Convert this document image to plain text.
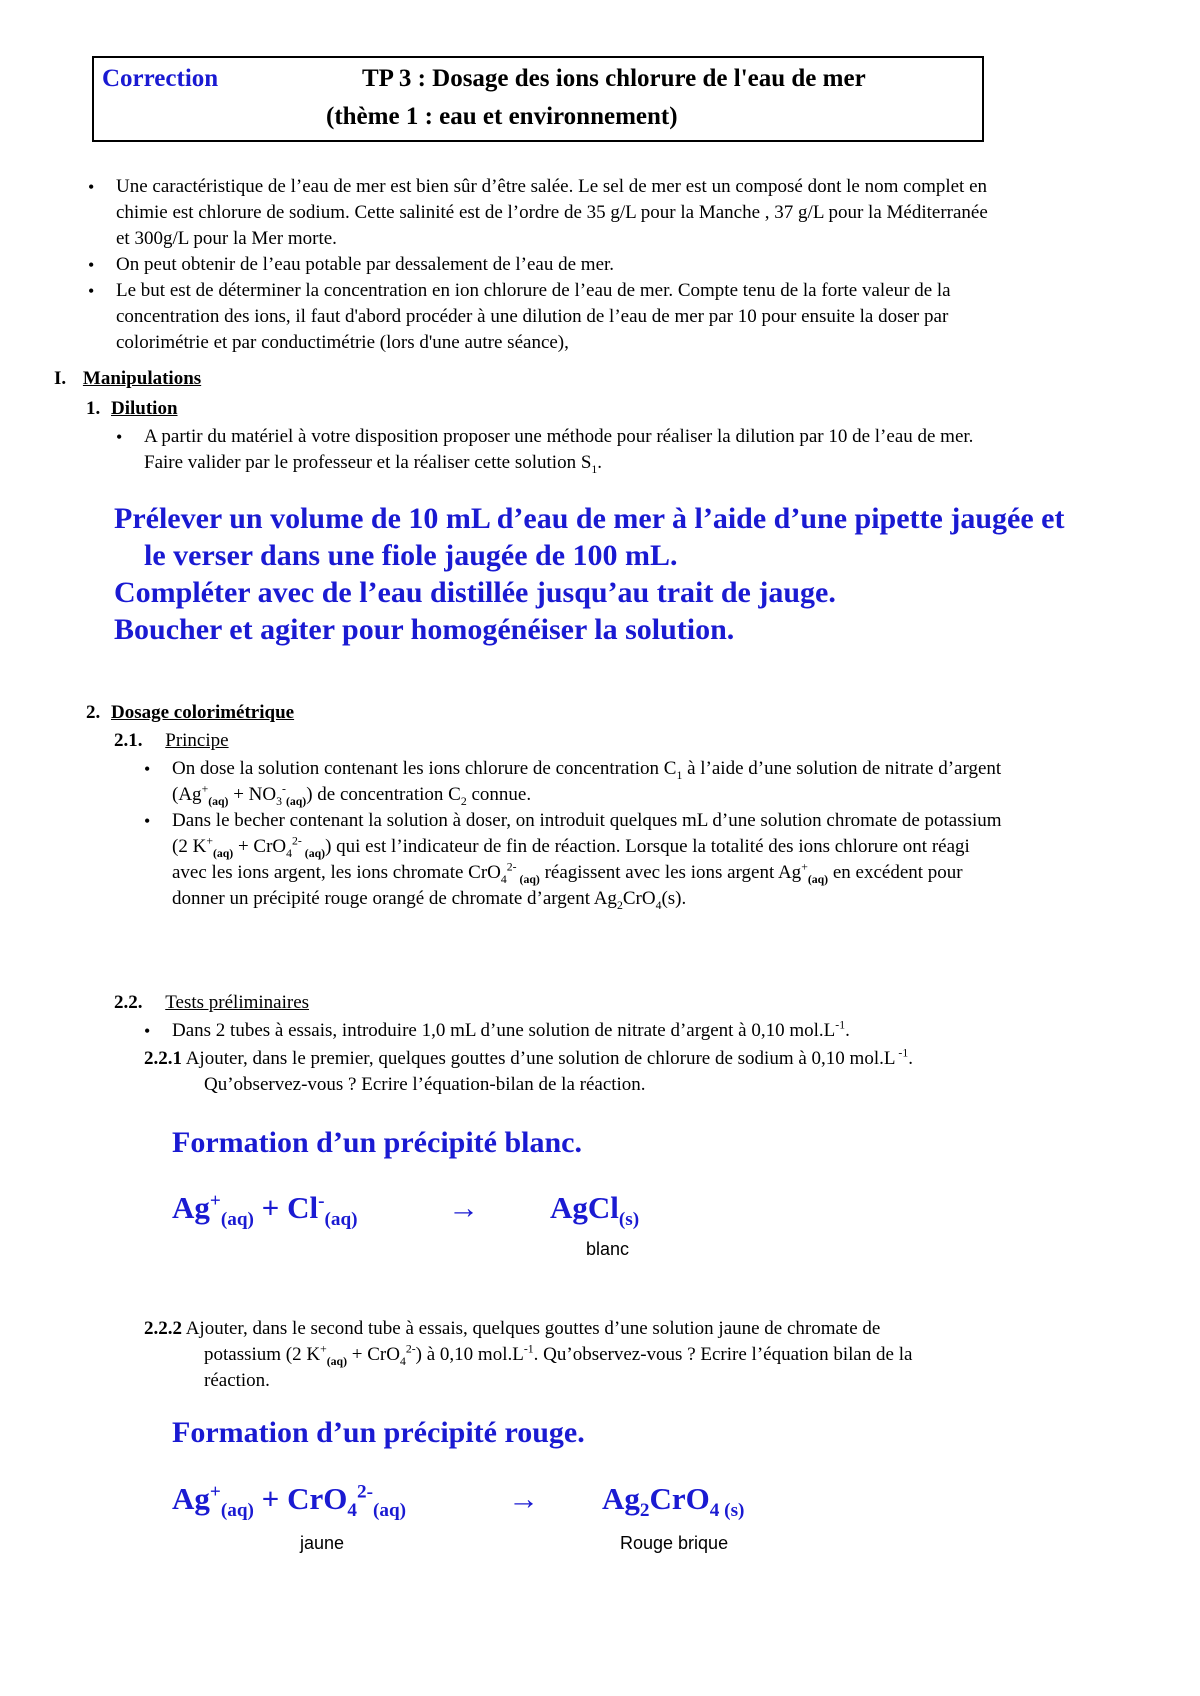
Correction	TP 3 : Dosage des ions chlorure de l'eau de mer
(thème 1 : eau et environnement)
• Une caractéristique de l’eau de mer est bien sûr d’être salée. Le sel de mer est un composé dont le nom complet en
chimie est chlorure de sodium. Cette salinité est de l’ordre de 35 g/L pour la Manche , 37 g/L pour la Méditerranée
et 300g/L pour la Mer morte.
• On peut obtenir de l’eau potable par dessalement de l’eau de mer.
• Le but est de déterminer la concentration en ion chlorure de l’eau de mer. Compte tenu de la forte valeur de la
concentration des ions, il faut d'abord procéder à une dilution de l’eau de mer par 10 pour ensuite la doser par
colorimétrie et par conductimétrie (lors d'une autre séance),
I. Manipulations
1. Dilution
• A partir du matériel à votre disposition proposer une méthode pour réaliser la dilution par 10 de l’eau de mer.
Faire valider par le professeur et la réaliser cette solution $S_1$.
Prélever un volume de 10 mL d’eau de mer à l’aide d’une pipette jaugée et
le verser dans une fiole jaugée de 100 mL.
Compléter avec de l’eau distillée jusqu’au trait de jauge.
Boucher et agiter pour homogénéiser la solution.
2. Dosage colorimétrique
2.1. Principe
• On dose la solution contenant les ions chlorure de concentration $C_1$ à l’aide d’une solution de nitrate d’argent
$(Ag^+_{(aq)} + NO_3^-_{(aq)})$ de concentration $C_2$ connue.
• Dans le becher contenant la solution à doser, on introduit quelques mL d’une solution chromate de potassium
(2 $K^+_{(aq)} + CrO_4^{2-}$ $_{(aq)}$) qui est l’indicateur de fin de réaction. Lorsque la totalité des ions chlorure ont réagi
avec les ions argent, les ions chromate CrO$_4^{2-}$ $_{(aq)}$ réagissent avec les ions argent $Ag^+_{(aq)}$ en excédent pour
donner un précipité rouge orangé de chromate d’argent $Ag_2CrO_4(s)$.
2.2. Tests préliminaires
• Dans 2 tubes à essais, introduire 1,0 mL d’une solution de nitrate d’argent à 0,10 $mol.L^{-1}$.
2.2.1 Ajouter, dans le premier, quelques gouttes d’une solution de chlorure de sodium à 0,10 mol.L $^{-1}$.
Qu’observez-vous ? Ecrire l’équation-bilan de la réaction.
Formation d’un précipité blanc.
$Ag^+_{(aq)} + Cl^-_{(aq)}$	→ AgCl$_{(s)}$
blanc
2.2.2 Ajouter, dans le second tube à essais, quelques gouttes d’une solution jaune de chromate de
potassium (2 $K^+_{(aq)} + CrO_4^{2-}$) à 0,10 $mol.L^{-1}$. Qu’observez-vous ? Ecrire l’équation bilan de la
réaction.
Formation d’un précipité rouge.
$Ag^+_{(aq)} + CrO_4^{2-}_{(aq)}$	→ $Ag_2CrO_4$ $_{(s)}$
jaune	Rouge brique
